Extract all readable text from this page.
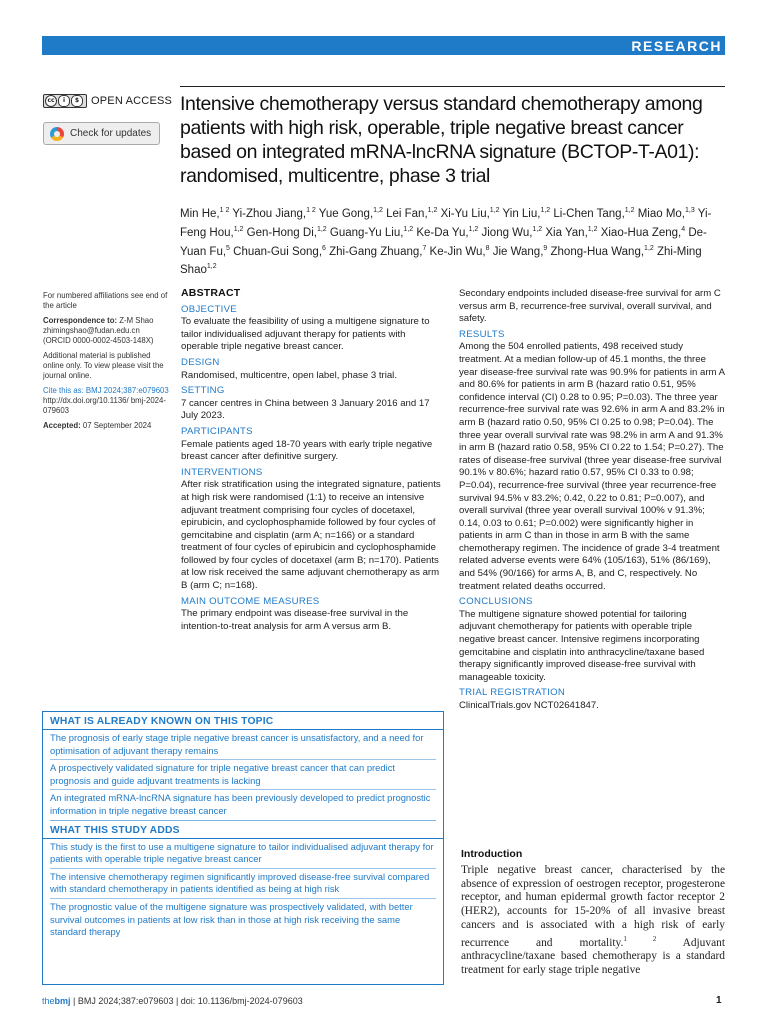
RESEARCH
cc	i	$	OPEN ACCESS
Check for updates
Intensive chemotherapy versus standard chemotherapy among patients with high risk, operable, triple negative breast cancer based on integrated mRNA-lncRNA signature (BCTOP-T-A01): randomised, multicentre, phase 3 trial
Min He,$^{1 2}$ Yi-Zhou Jiang,$^{1 2}$ Yue Gong,$^{1,2}$ Lei Fan,$^{1,2}$ Xi-Yu Liu,$^{1,2}$ Yin Liu,$^{1,2}$ Li-Chen Tang,$^{1,2}$ Miao Mo,$^{1,3}$ Yi-Feng Hou,$^{1,2}$ Gen-Hong Di,$^{1,2}$ Guang-Yu Liu,$^{1,2}$ Ke-Da Yu,$^{1,2}$ Jiong Wu,$^{1,2}$ Xia Yan,$^{1,2}$ Xiao-Hua Zeng,$^4$ De-Yuan Fu,$^5$ Chuan-Gui Song,$^6$ Zhi-Gang Zhuang,$^7$ Ke-Jin Wu,$^8$ Jie Wang,$^9$ Zhong-Hua Wang,$^{1,2}$ Zhi-Ming Shao$^{1,2}$

For numbered affiliations see end of the article

Correspondence to: Z-M Shao
zhimingshao@fudan.edu.cn
(ORCID 0000-0002-4503-148X)

Additional material is published online only. To view please visit the journal online.

Cite this as: BMJ 2024;387:e079603
http://dx.doi.org/10.1136/ bmj-2024-079603

Accepted: 07 September 2024

ABSTRACT
OBJECTIVE

To evaluate the feasibility of using a multigene signature to tailor individualised adjuvant therapy for patients with operable triple negative breast cancer.

DESIGN

Randomised, multicentre, open label, phase 3 trial.

SETTING

7 cancer centres in China between 3 January 2016 and 17 July 2023.

PARTICIPANTS

Female patients aged 18-70 years with early triple negative breast cancer after definitive surgery.

INTERVENTIONS

After risk stratification using the integrated signature, patients at high risk were randomised (1:1) to receive an intensive adjuvant treatment comprising four cycles of docetaxel, epirubicin, and cyclophosphamide followed by four cycles of gemcitabine and cisplatin (arm A; n=166) or a standard treatment of four cycles of epirubicin and cyclophosphamide followed by four cycles of docetaxel (arm B; n=170). Patients at low risk received the same adjuvant chemotherapy as arm B (arm C; n=168).

MAIN OUTCOME MEASURES

The primary endpoint was disease-free survival in the intention-to-treat analysis for arm A versus arm B.

Secondary endpoints included disease-free survival for arm C versus arm B, recurrence-free survival, overall survival, and safety.

RESULTS

Among the 504 enrolled patients, 498 received study treatment. At a median follow-up of 45.1 months, the three year disease-free survival rate was 90.9% for patients in arm A and 80.6% for patients in arm B (hazard ratio 0.51, 95% confidence interval (CI) 0.28 to 0.95; P=0.03). The three year recurrence-free survival rate was 92.6% in arm A and 83.2% in arm B (hazard ratio 0.50, 95% CI 0.25 to 0.98; P=0.04). The three year overall survival rate was 98.2% in arm A and 91.3% in arm B (hazard ratio 0.58, 95% CI 0.22 to 1.54; P=0.27). The rates of disease-free survival (three year disease-free survival 90.1% v 80.6%; hazard ratio 0.57, 95% CI 0.33 to 0.98; P=0.04), recurrence-free survival (three year recurrence-free survival 94.5% v 83.2%; 0.42, 0.22 to 0.81; P=0.007), and overall survival (three year overall survival 100% v 91.3%; 0.14, 0.03 to 0.61; P=0.002) were significantly higher in patients in arm C than in those in arm B with the same chemotherapy regimen. The incidence of grade 3-4 treatment related adverse events were 64% (105/163), 51% (86/169), and 54% (90/166) for arms A, B, and C, respectively. No treatment related deaths occurred.

CONCLUSIONS

The multigene signature showed potential for tailoring adjuvant chemotherapy for patients with operable triple negative breast cancer. Intensive regimens incorporating gemcitabine and cisplatin into anthracycline/taxane based therapy significantly improved disease-free survival with manageable toxicity.

TRIAL REGISTRATION

ClinicalTrials.gov NCT02641847.

WHAT IS ALREADY KNOWN ON THIS TOPIC
The prognosis of early stage triple negative breast cancer is unsatisfactory, and a need for optimisation of adjuvant therapy remains
A prospectively validated signature for triple negative breast cancer that can predict prognosis and guide adjuvant treatments is lacking
An integrated mRNA-lncRNA signature has been previously developed to predict prognostic information in triple negative breast cancer
WHAT THIS STUDY ADDS
This study is the first to use a multigene signature to tailor individualised adjuvant therapy for patients with operable triple negative breast cancer
The intensive chemotherapy regimen significantly improved disease-free survival compared with standard chemotherapy in patients identified as being at high risk
The prognostic value of the multigene signature was prospectively validated, with better survival outcomes in patients at low risk than in those at high risk receiving the same standard therapy
Introduction
Triple negative breast cancer, characterised by the absence of expression of oestrogen receptor, progesterone receptor, and human epidermal growth factor receptor 2 (HER2), accounts for 15-20% of all invasive breast cancers and is associated with a high risk of early recurrence and mortality.$^{1 2}$ Adjuvant anthracycline/taxane based chemotherapy is a standard treatment for early stage triple negative
thebmj | BMJ 2024;387:e079603 | doi: 10.1136/bmj-2024-079603	1
